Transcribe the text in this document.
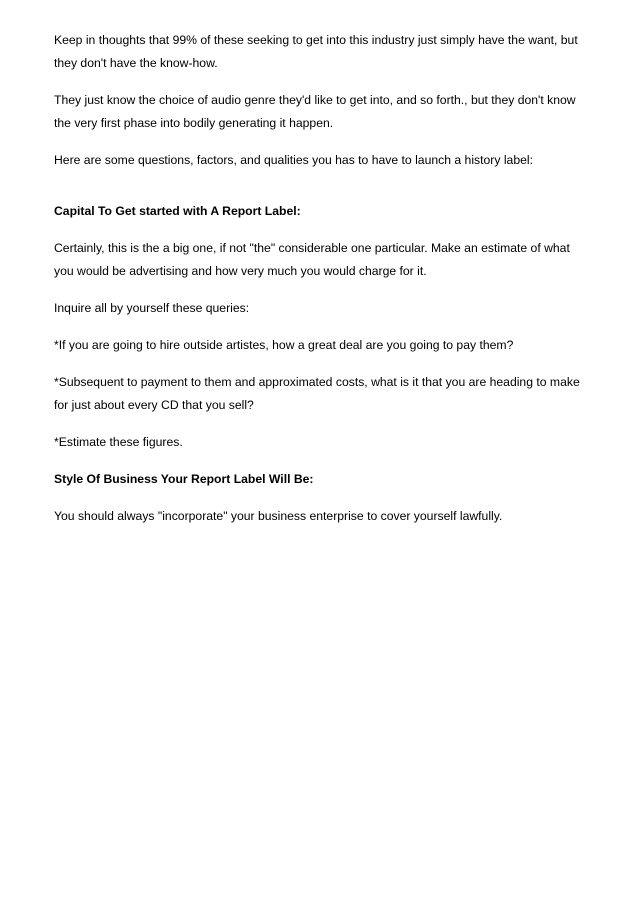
Keep in thoughts that 99% of these seeking to get into this industry just simply have the want, but they don't have the know-how.

They just know the choice of audio genre they'd like to get into, and so forth., but they don't know the very first phase into bodily generating it happen.

Here are some questions, factors, and qualities you has to have to launch a history label:

Capital To Get started with A Report Label:

Certainly, this is the a big one, if not "the" considerable one particular. Make an estimate of what you would be advertising and how very much you would charge for it.

Inquire all by yourself these queries:

*If you are going to hire outside artistes, how a great deal are you going to pay them?

*Subsequent to payment to them and approximated costs, what is it that you are heading to make for just about every CD that you sell?

*Estimate these figures.

Style Of Business Your Report Label Will Be:

You should always "incorporate" your business enterprise to cover yourself lawfully.
